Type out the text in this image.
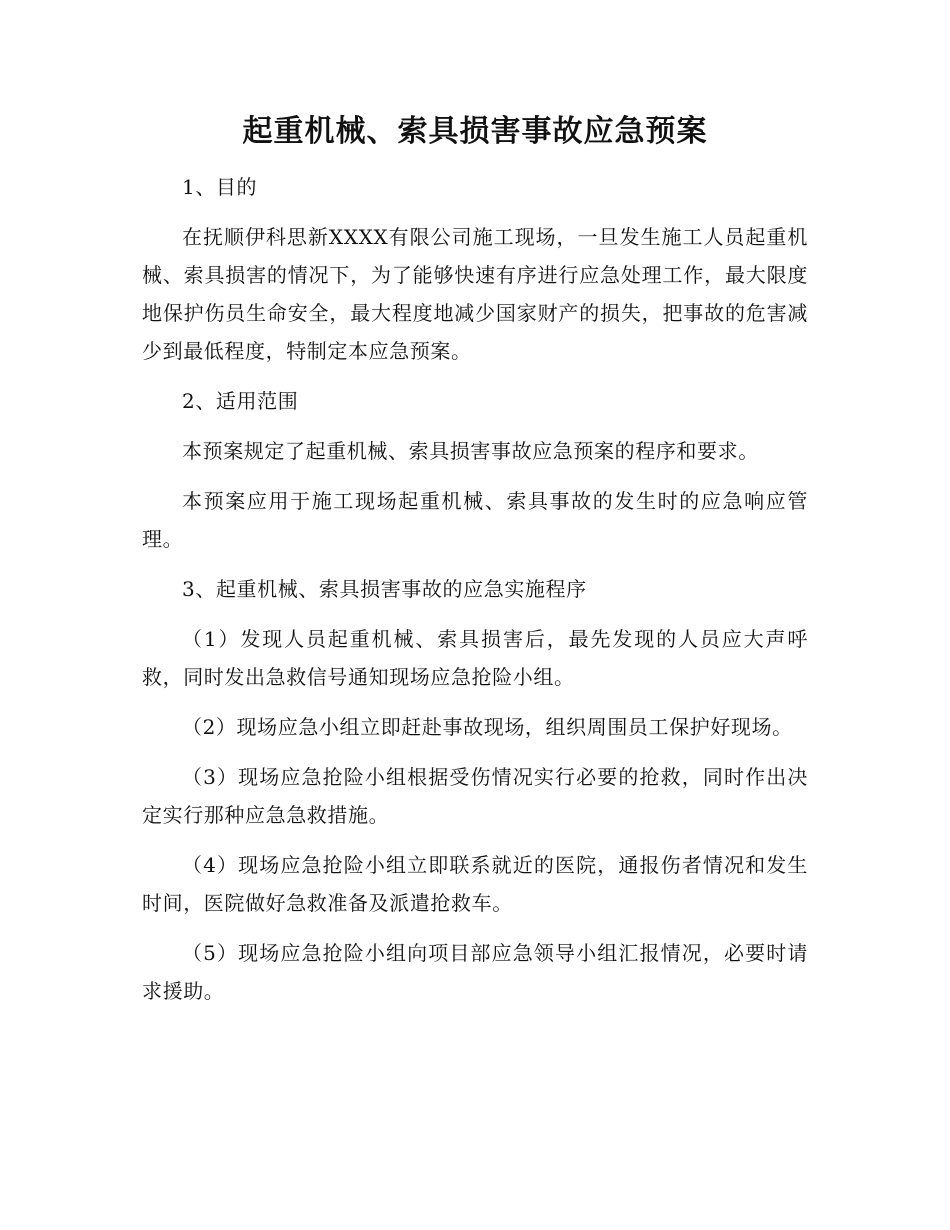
起重机械、索具损害事故应急预案

1、目的

在抚顺伊科思新XXXX有限公司施工现场，一旦发生施工人员起重机械、索具损害的情况下，为了能够快速有序进行应急处理工作，最大限度地保护伤员生命安全，最大程度地减少国家财产的损失，把事故的危害减少到最低程度，特制定本应急预案。

2、适用范围

本预案规定了起重机械、索具损害事故应急预案的程序和要求。

本预案应用于施工现场起重机械、索具事故的发生时的应急响应管理。

3、起重机械、索具损害事故的应急实施程序

（1）发现人员起重机械、索具损害后，最先发现的人员应大声呼救，同时发出急救信号通知现场应急抢险小组。

（2）现场应急小组立即赶赴事故现场，组织周围员工保护好现场。

（3）现场应急抢险小组根据受伤情况实行必要的抢救，同时作出决定实行那种应急急救措施。

（4）现场应急抢险小组立即联系就近的医院，通报伤者情况和发生时间，医院做好急救准备及派遣抢救车。

（5）现场应急抢险小组向项目部应急领导小组汇报情况，必要时请求援助。
